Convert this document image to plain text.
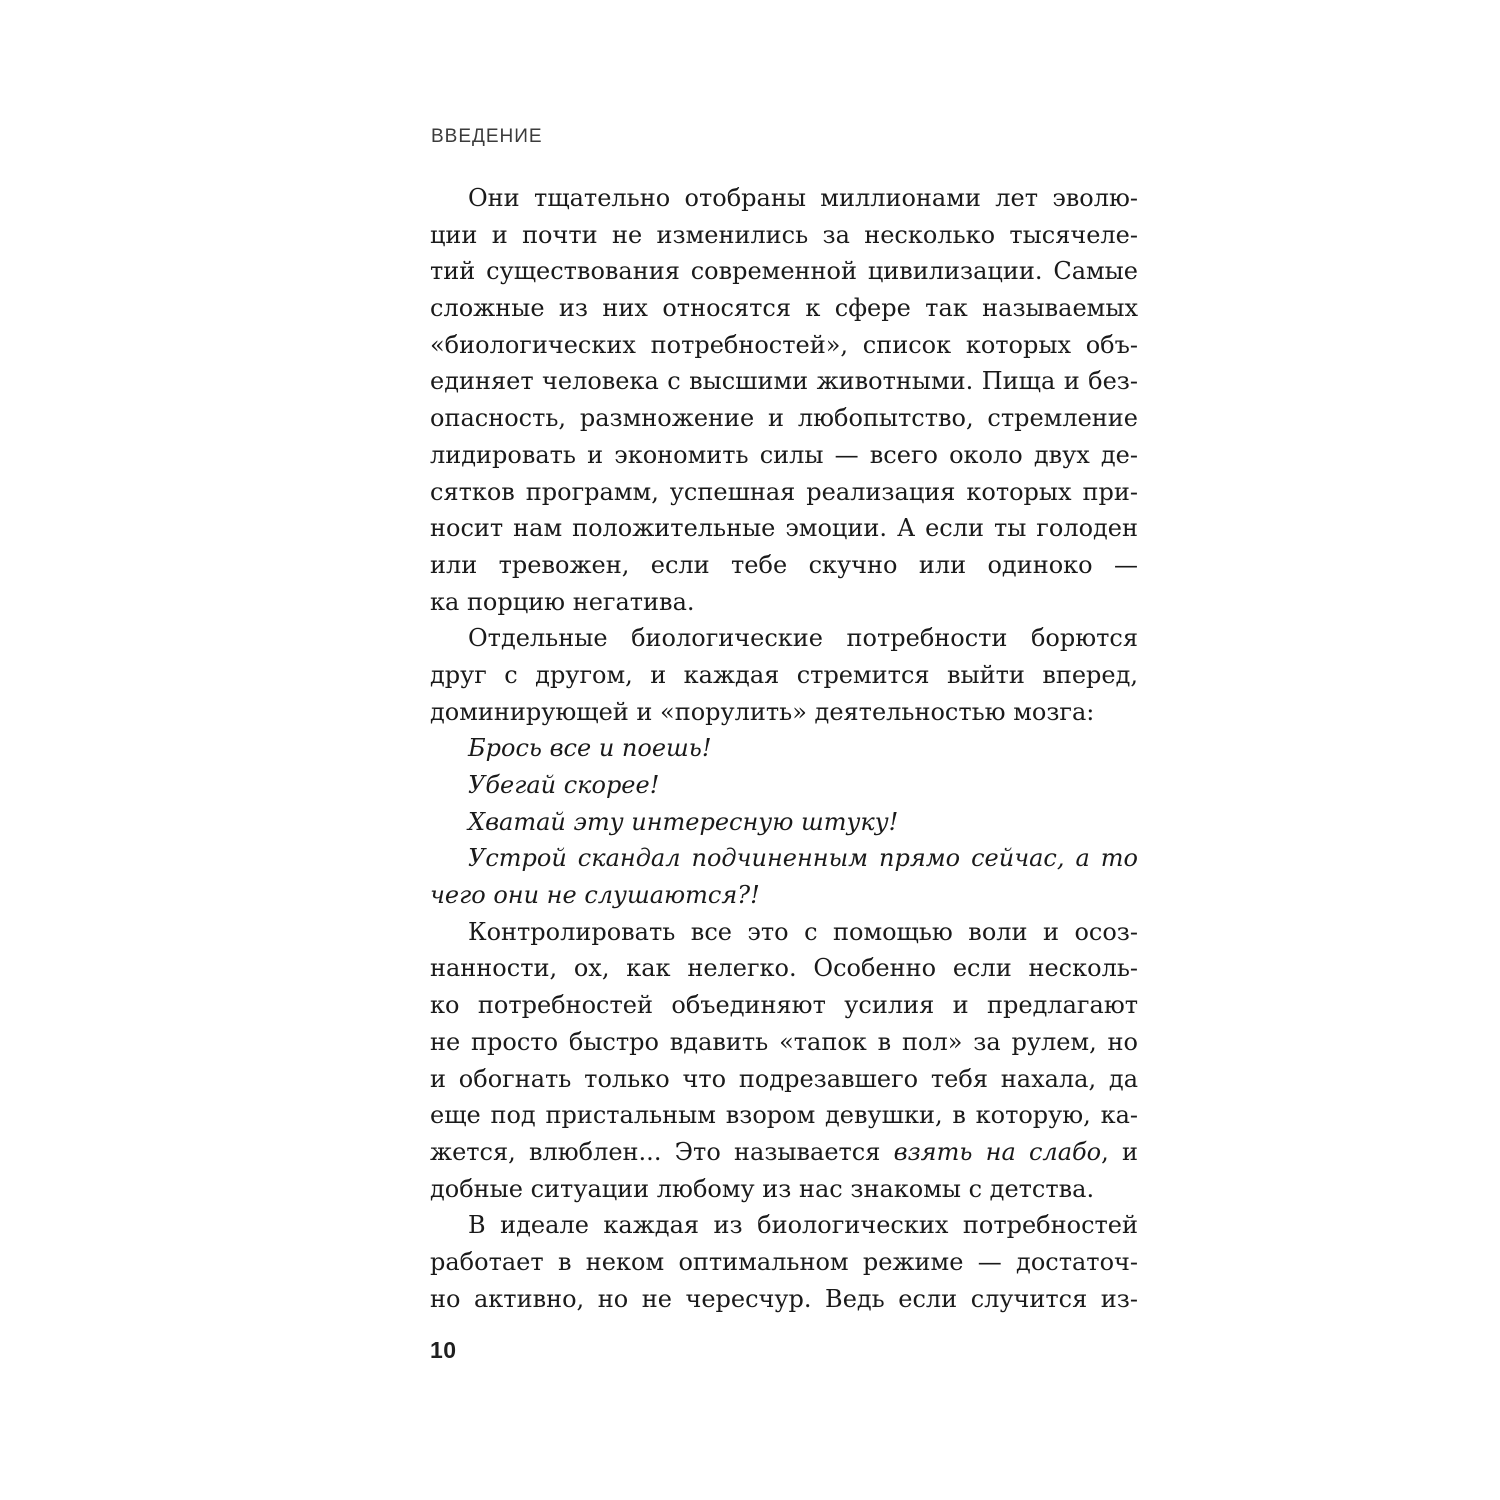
ВВЕДЕНИЕ
Они тщательно отобраны миллионами лет эволю-
ции и почти не изменились за несколько тысячеле-
тий существования современной цивилизации. Самые
сложные из них относятся к сфере так называемых
«биологических потребностей», список которых объ-
единяет человека с высшими животными. Пища и без-
опасность, размножение и любопытство, стремление
лидировать и экономить силы — всего около двух де-
сятков программ, успешная реализация которых при-
носит нам положительные эмоции. А если ты голоден
или тревожен, если тебе скучно или одиноко —
ка порцию негатива.
Отдельные биологические потребности борются
друг с другом, и каждая стремится выйти вперед,
доминирующей и «порулить» деятельностью мозга:
Брось все и поешь!
Убегай скорее!
Хватай эту интересную штуку!
Устрой скандал подчиненным прямо сейчас, а то
чего они не слушаются?!
Контролировать все это с помощью воли и осоз-
нанности, ох, как нелегко. Особенно если несколь-
ко потребностей объединяют усилия и предлагают
не просто быстро вдавить «тапок в пол» за рулем, но
и обогнать только что подрезавшего тебя нахала, да
еще под пристальным взором девушки, в которую, ка-
жется, влюблен... Это называется взять на слабо, и
добные ситуации любому из нас знакомы с детства.
В идеале каждая из биологических потребностей
работает в неком оптимальном режиме — достаточ-
но активно, но не чересчур. Ведь если случится из-
10
